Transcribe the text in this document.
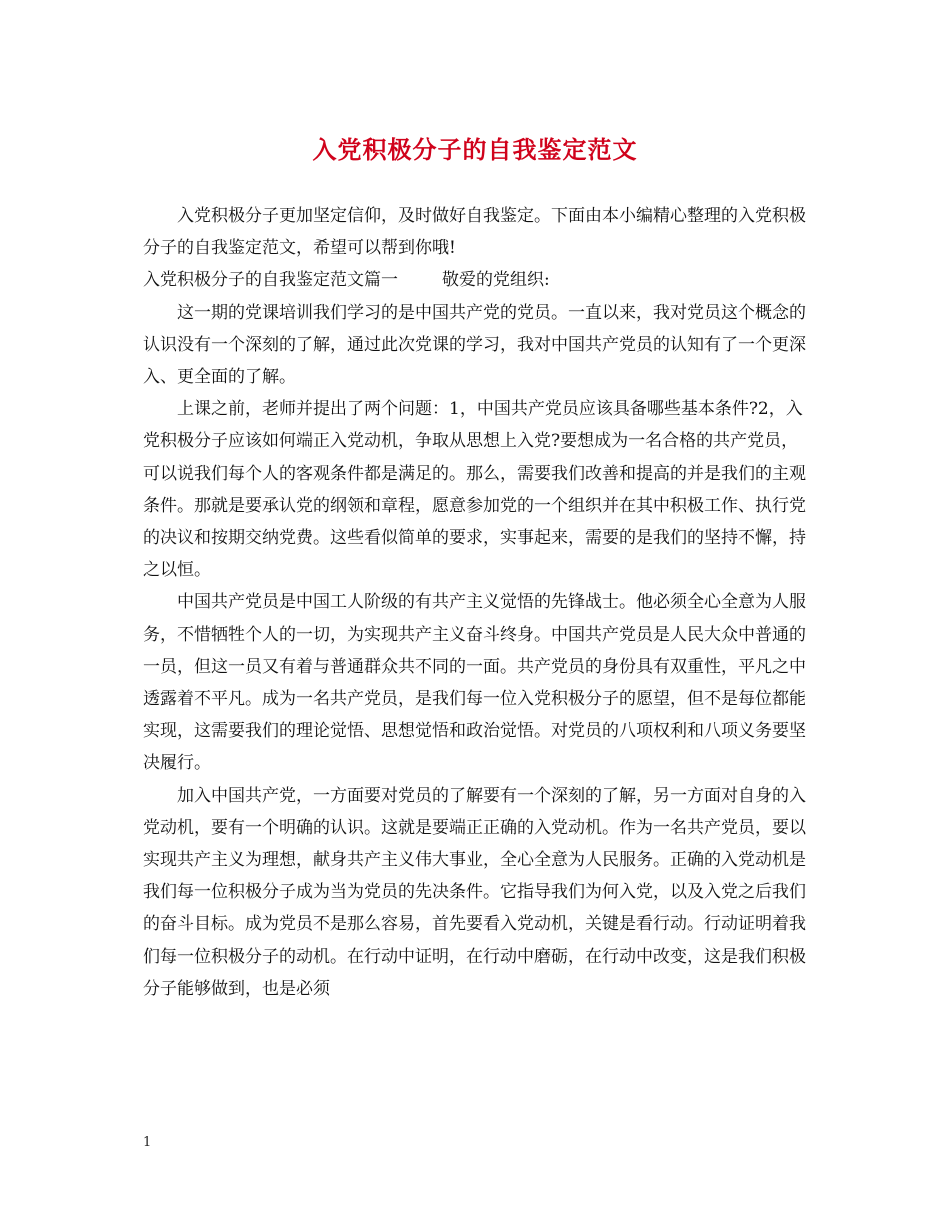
入党积极分子的自我鉴定范文

入党积极分子更加坚定信仰，及时做好自我鉴定。下面由本小编精心整理的入党积极分子的自我鉴定范文，希望可以帮到你哦!

入党积极分子的自我鉴定范文篇一	敬爱的党组织:

这一期的党课培训我们学习的是中国共产党的党员。一直以来，我对党员这个概念的认识没有一个深刻的了解，通过此次党课的学习，我对中国共产党员的认知有了一个更深入、更全面的了解。

上课之前，老师并提出了两个问题：1，中国共产党员应该具备哪些基本条件?2，入党积极分子应该如何端正入党动机，争取从思想上入党?要想成为一名合格的共产党员，可以说我们每个人的客观条件都是满足的。那么，需要我们改善和提高的并是我们的主观条件。那就是要承认党的纲领和章程，愿意参加党的一个组织并在其中积极工作、执行党的决议和按期交纳党费。这些看似简单的要求，实事起来，需要的是我们的坚持不懈，持之以恒。

中国共产党员是中国工人阶级的有共产主义觉悟的先锋战士。他必须全心全意为人服务，不惜牺牲个人的一切，为实现共产主义奋斗终身。中国共产党员是人民大众中普通的一员，但这一员又有着与普通群众共不同的一面。共产党员的身份具有双重性，平凡之中透露着不平凡。成为一名共产党员，是我们每一位入党积极分子的愿望，但不是每位都能实现，这需要我们的理论觉悟、思想觉悟和政治觉悟。对党员的八项权利和八项义务要坚决履行。

加入中国共产党，一方面要对党员的了解要有一个深刻的了解，另一方面对自身的入党动机，要有一个明确的认识。这就是要端正正确的入党动机。作为一名共产党员，要以实现共产主义为理想，献身共产主义伟大事业，全心全意为人民服务。正确的入党动机是我们每一位积极分子成为当为党员的先决条件。它指导我们为何入党，以及入党之后我们的奋斗目标。成为党员不是那么容易，首先要看入党动机，关键是看行动。行动证明着我们每一位积极分子的动机。在行动中证明，在行动中磨砺，在行动中改变，这是我们积极分子能够做到，也是必须

1
